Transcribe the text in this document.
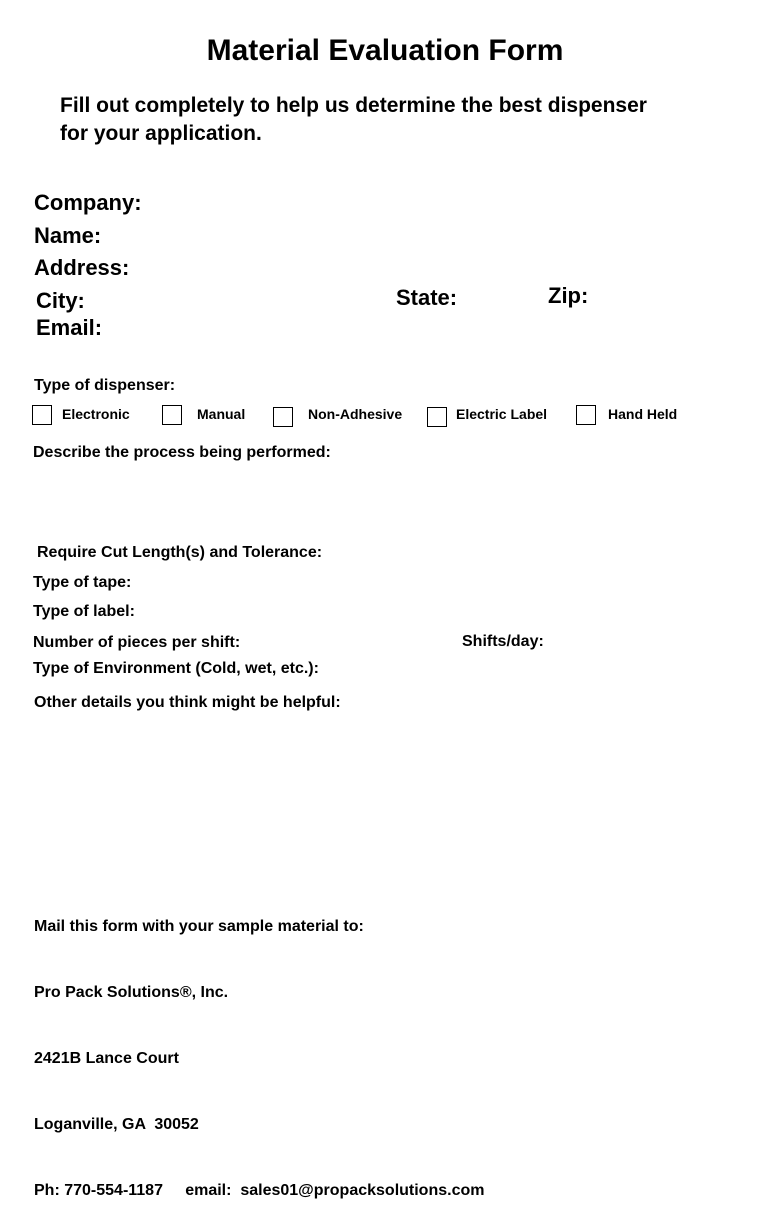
Material Evaluation Form
Fill out completely to help us determine the best dispenser
for your application.
Company:
Name:
Address:
City:	State:	Zip:
Email:
Type of dispenser:
Electronic	Manual	Non-Adhesive	Electric Label	Hand Held
Describe the process being performed:
Require Cut Length(s) and Tolerance:
Type of tape:
Type of label:
Number of pieces per shift:	Shifts/day:
Type of Environment (Cold, wet, etc.):
Other details you think might be helpful:

Mail this form with your sample material to:

Pro Pack Solutions®, Inc.

2421B Lance Court

Loganville, GA  30052

Ph: 770-554-1187     email:  sales01@propacksolutions.com
